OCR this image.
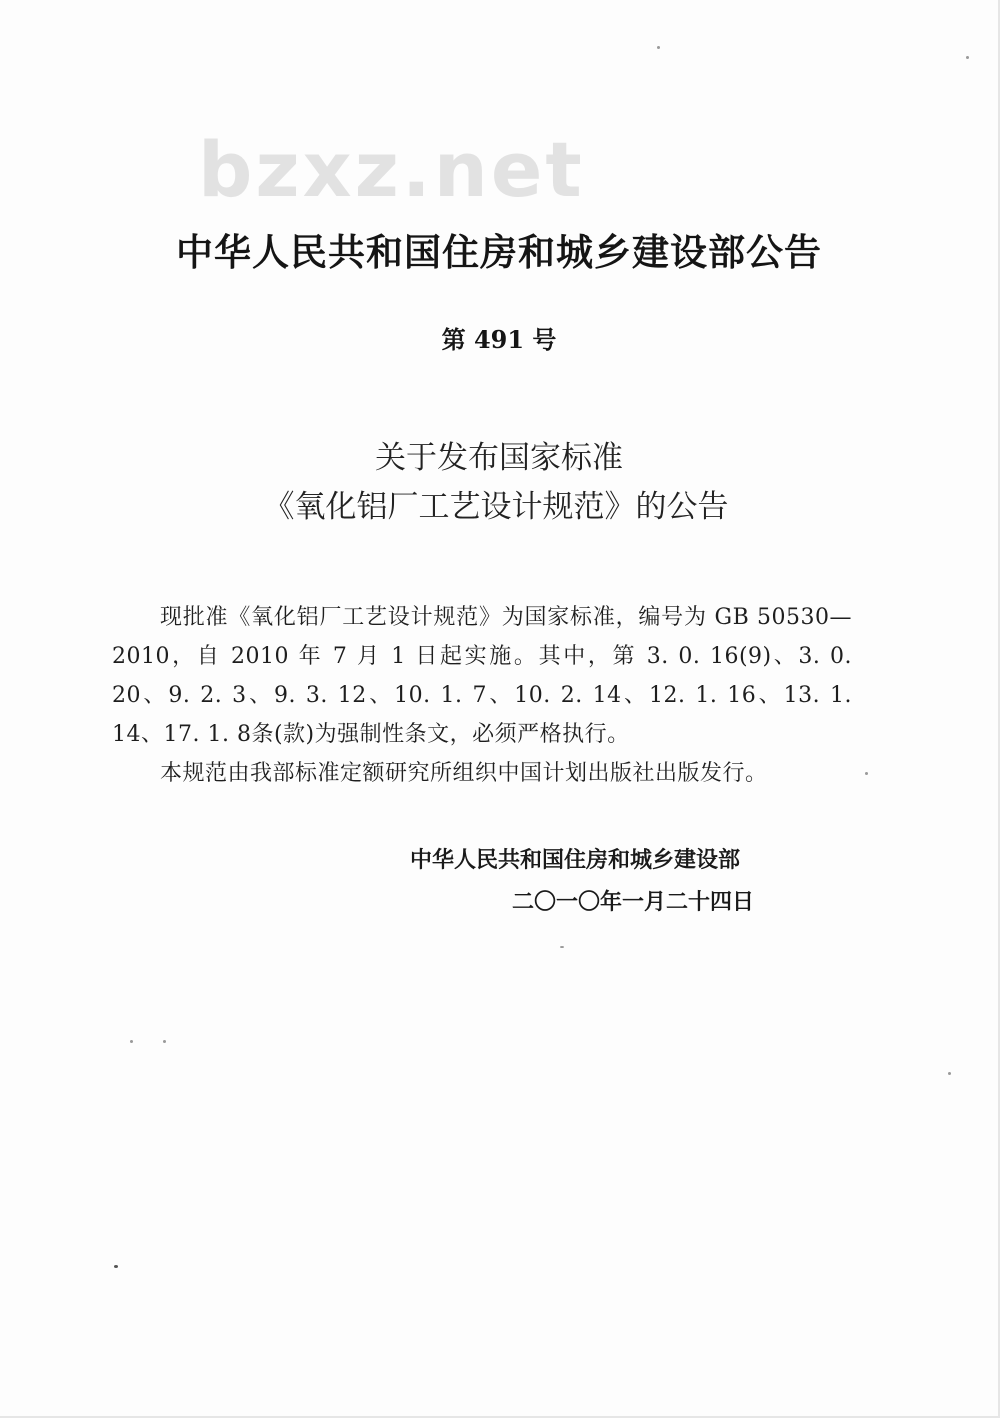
bzxz.net
中华人民共和国住房和城乡建设部公告
第 491 号
关于发布国家标准
《氧化铝厂工艺设计规范》的公告

现批准《氧化铝厂工艺设计规范》为国家标准，编号为 GB 50530—2010，自 2010 年 7 月 1 日起实施。其中，第 3. 0. 16(9)、3. 0. 20、9. 2. 3、9. 3. 12、10. 1. 7、10. 2. 14、12. 1. 16、13. 1. 14、17. 1. 8条(款)为强制性条文，必须严格执行。

本规范由我部标准定额研究所组织中国计划出版社出版发行。

中华人民共和国住房和城乡建设部
二〇一〇年一月二十四日
